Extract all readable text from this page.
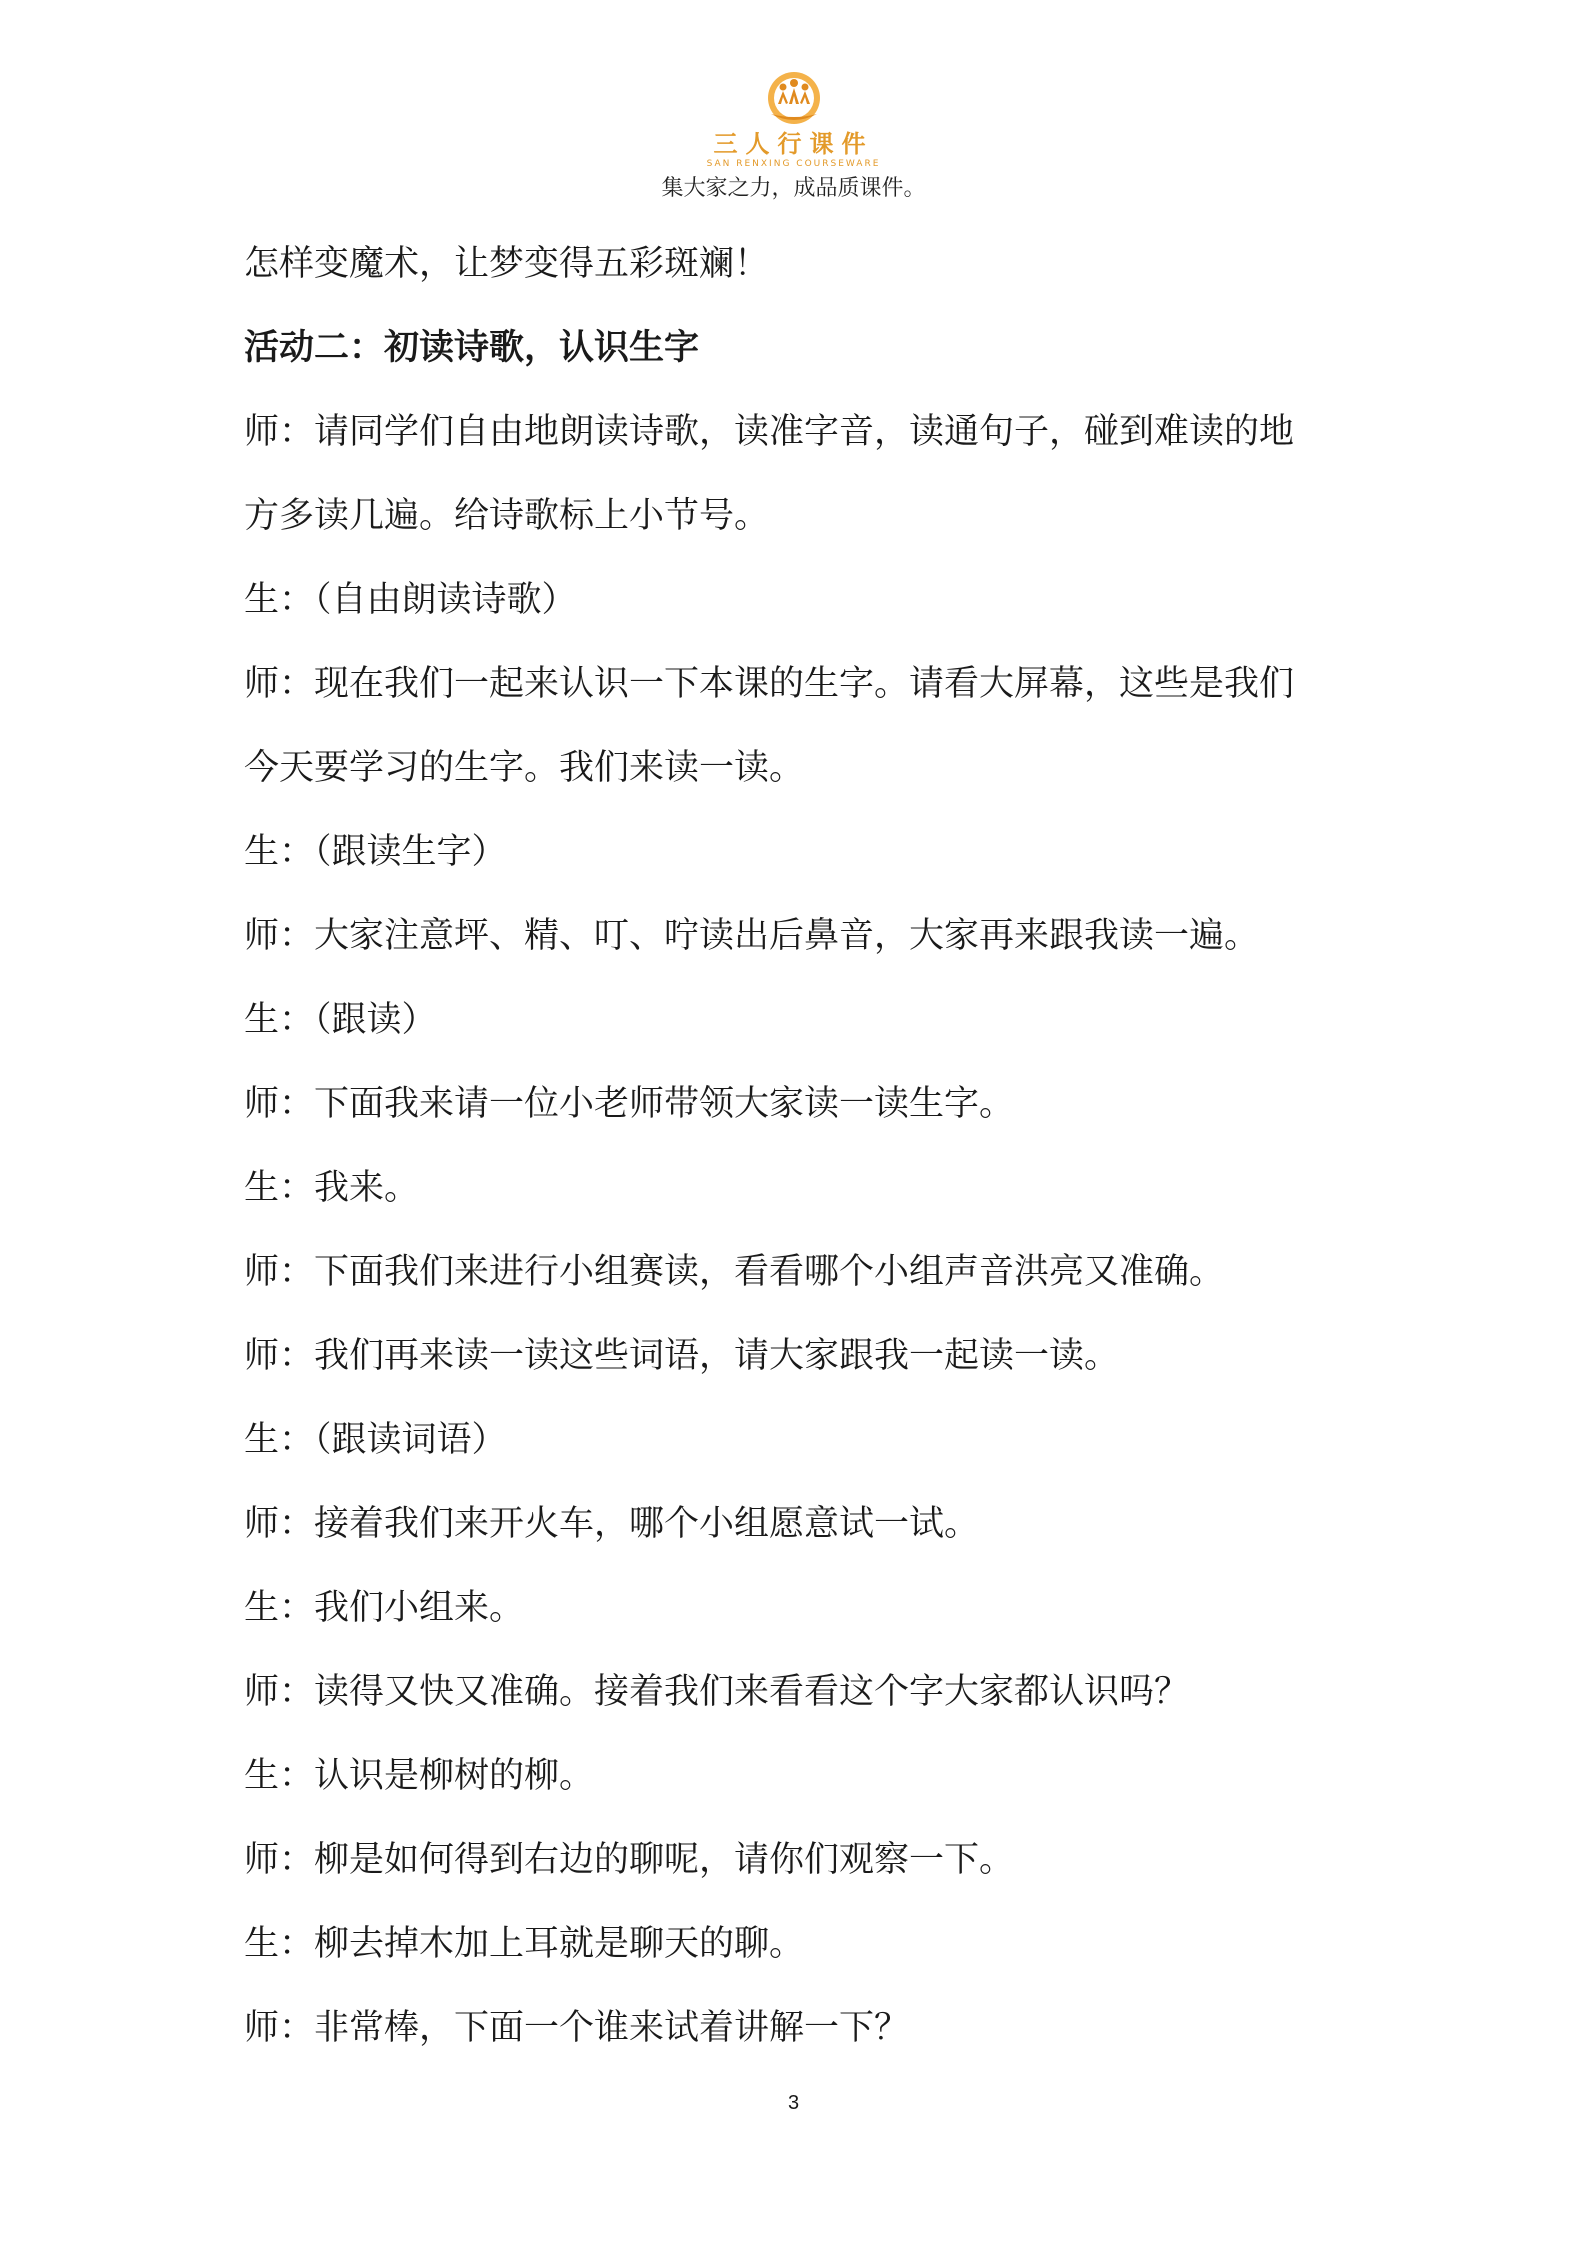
三人行课件
SAN RENXING COURSEWARE
集大家之力，成品质课件。
怎样变魔术，让梦变得五彩斑斓！
活动二：初读诗歌，认识生字
师：请同学们自由地朗读诗歌，读准字音，读通句子，碰到难读的地
方多读几遍。给诗歌标上小节号。
生：（自由朗读诗歌）
师：现在我们一起来认识一下本课的生字。请看大屏幕，这些是我们
今天要学习的生字。我们来读一读。
生：（跟读生字）
师：大家注意坪、精、叮、咛读出后鼻音，大家再来跟我读一遍。
生：（跟读）
师：下面我来请一位小老师带领大家读一读生字。
生：我来。
师：下面我们来进行小组赛读，看看哪个小组声音洪亮又准确。
师：我们再来读一读这些词语，请大家跟我一起读一读。
生：（跟读词语）
师：接着我们来开火车，哪个小组愿意试一试。
生：我们小组来。
师：读得又快又准确。接着我们来看看这个字大家都认识吗？
生：认识是柳树的柳。
师：柳是如何得到右边的聊呢，请你们观察一下。
生：柳去掉木加上耳就是聊天的聊。
师：非常棒，下面一个谁来试着讲解一下？
3
